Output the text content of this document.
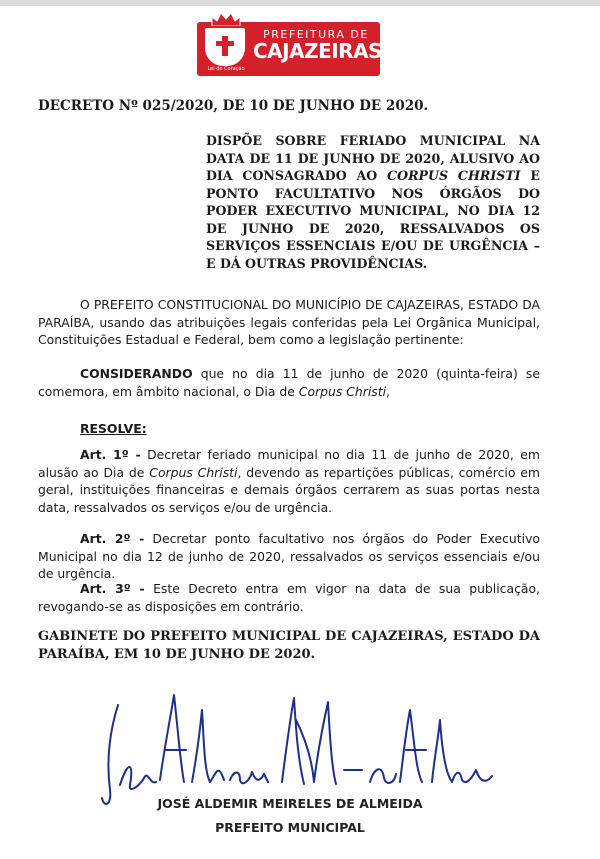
PREFEITURA DE
CAJAZEIRAS
Lei do Coração
DECRETO Nº 025/2020, DE 10 DE JUNHO DE 2020.
DISPÕE SOBRE FERIADO MUNICIPAL NA DATA DE 11 DE JUNHO DE 2020, ALUSIVO AO DIA CONSAGRADO AO CORPUS CHRISTI E PONTO FACULTATIVO NOS ÓRGÃOS DO PODER EXECUTIVO MUNICIPAL, NO DIA 12 DE JUNHO DE 2020, RESSALVADOS OS SERVIÇOS ESSENCIAIS E/OU DE URGÊNCIA – E DÁ OUTRAS PROVIDÊNCIAS.
O PREFEITO CONSTITUCIONAL DO MUNICÍPIO DE CAJAZEIRAS, ESTADO DA PARAÍBA, usando das atribuições legais conferidas pela Lei Orgânica Municipal, Constituições Estadual e Federal, bem como a legislação pertinente:
CONSIDERANDO que no dia 11 de junho de 2020 (quinta-feira) se comemora, em âmbito nacional, o Dia de Corpus Christi,
RESOLVE:
Art. 1º - Decretar feriado municipal no dia 11 de junho de 2020, em alusão ao Dia de Corpus Christi, devendo as repartições públicas, comércio em geral, instituições financeiras e demais órgãos cerrarem as suas portas nesta data, ressalvados os serviços e/ou de urgência.
Art. 2º - Decretar ponto facultativo nos órgãos do Poder Executivo Municipal no dia 12 de junho de 2020, ressalvados os serviços essenciais e/ou de urgência.
Art. 3º - Este Decreto entra em vigor na data de sua publicação, revogando-se as disposições em contrário.
GABINETE DO PREFEITO MUNICIPAL DE CAJAZEIRAS, ESTADO DA PARAÍBA, EM 10 DE JUNHO DE 2020.
JOSÉ ALDEMIR MEIRELES DE ALMEIDA
PREFEITO MUNICIPAL
